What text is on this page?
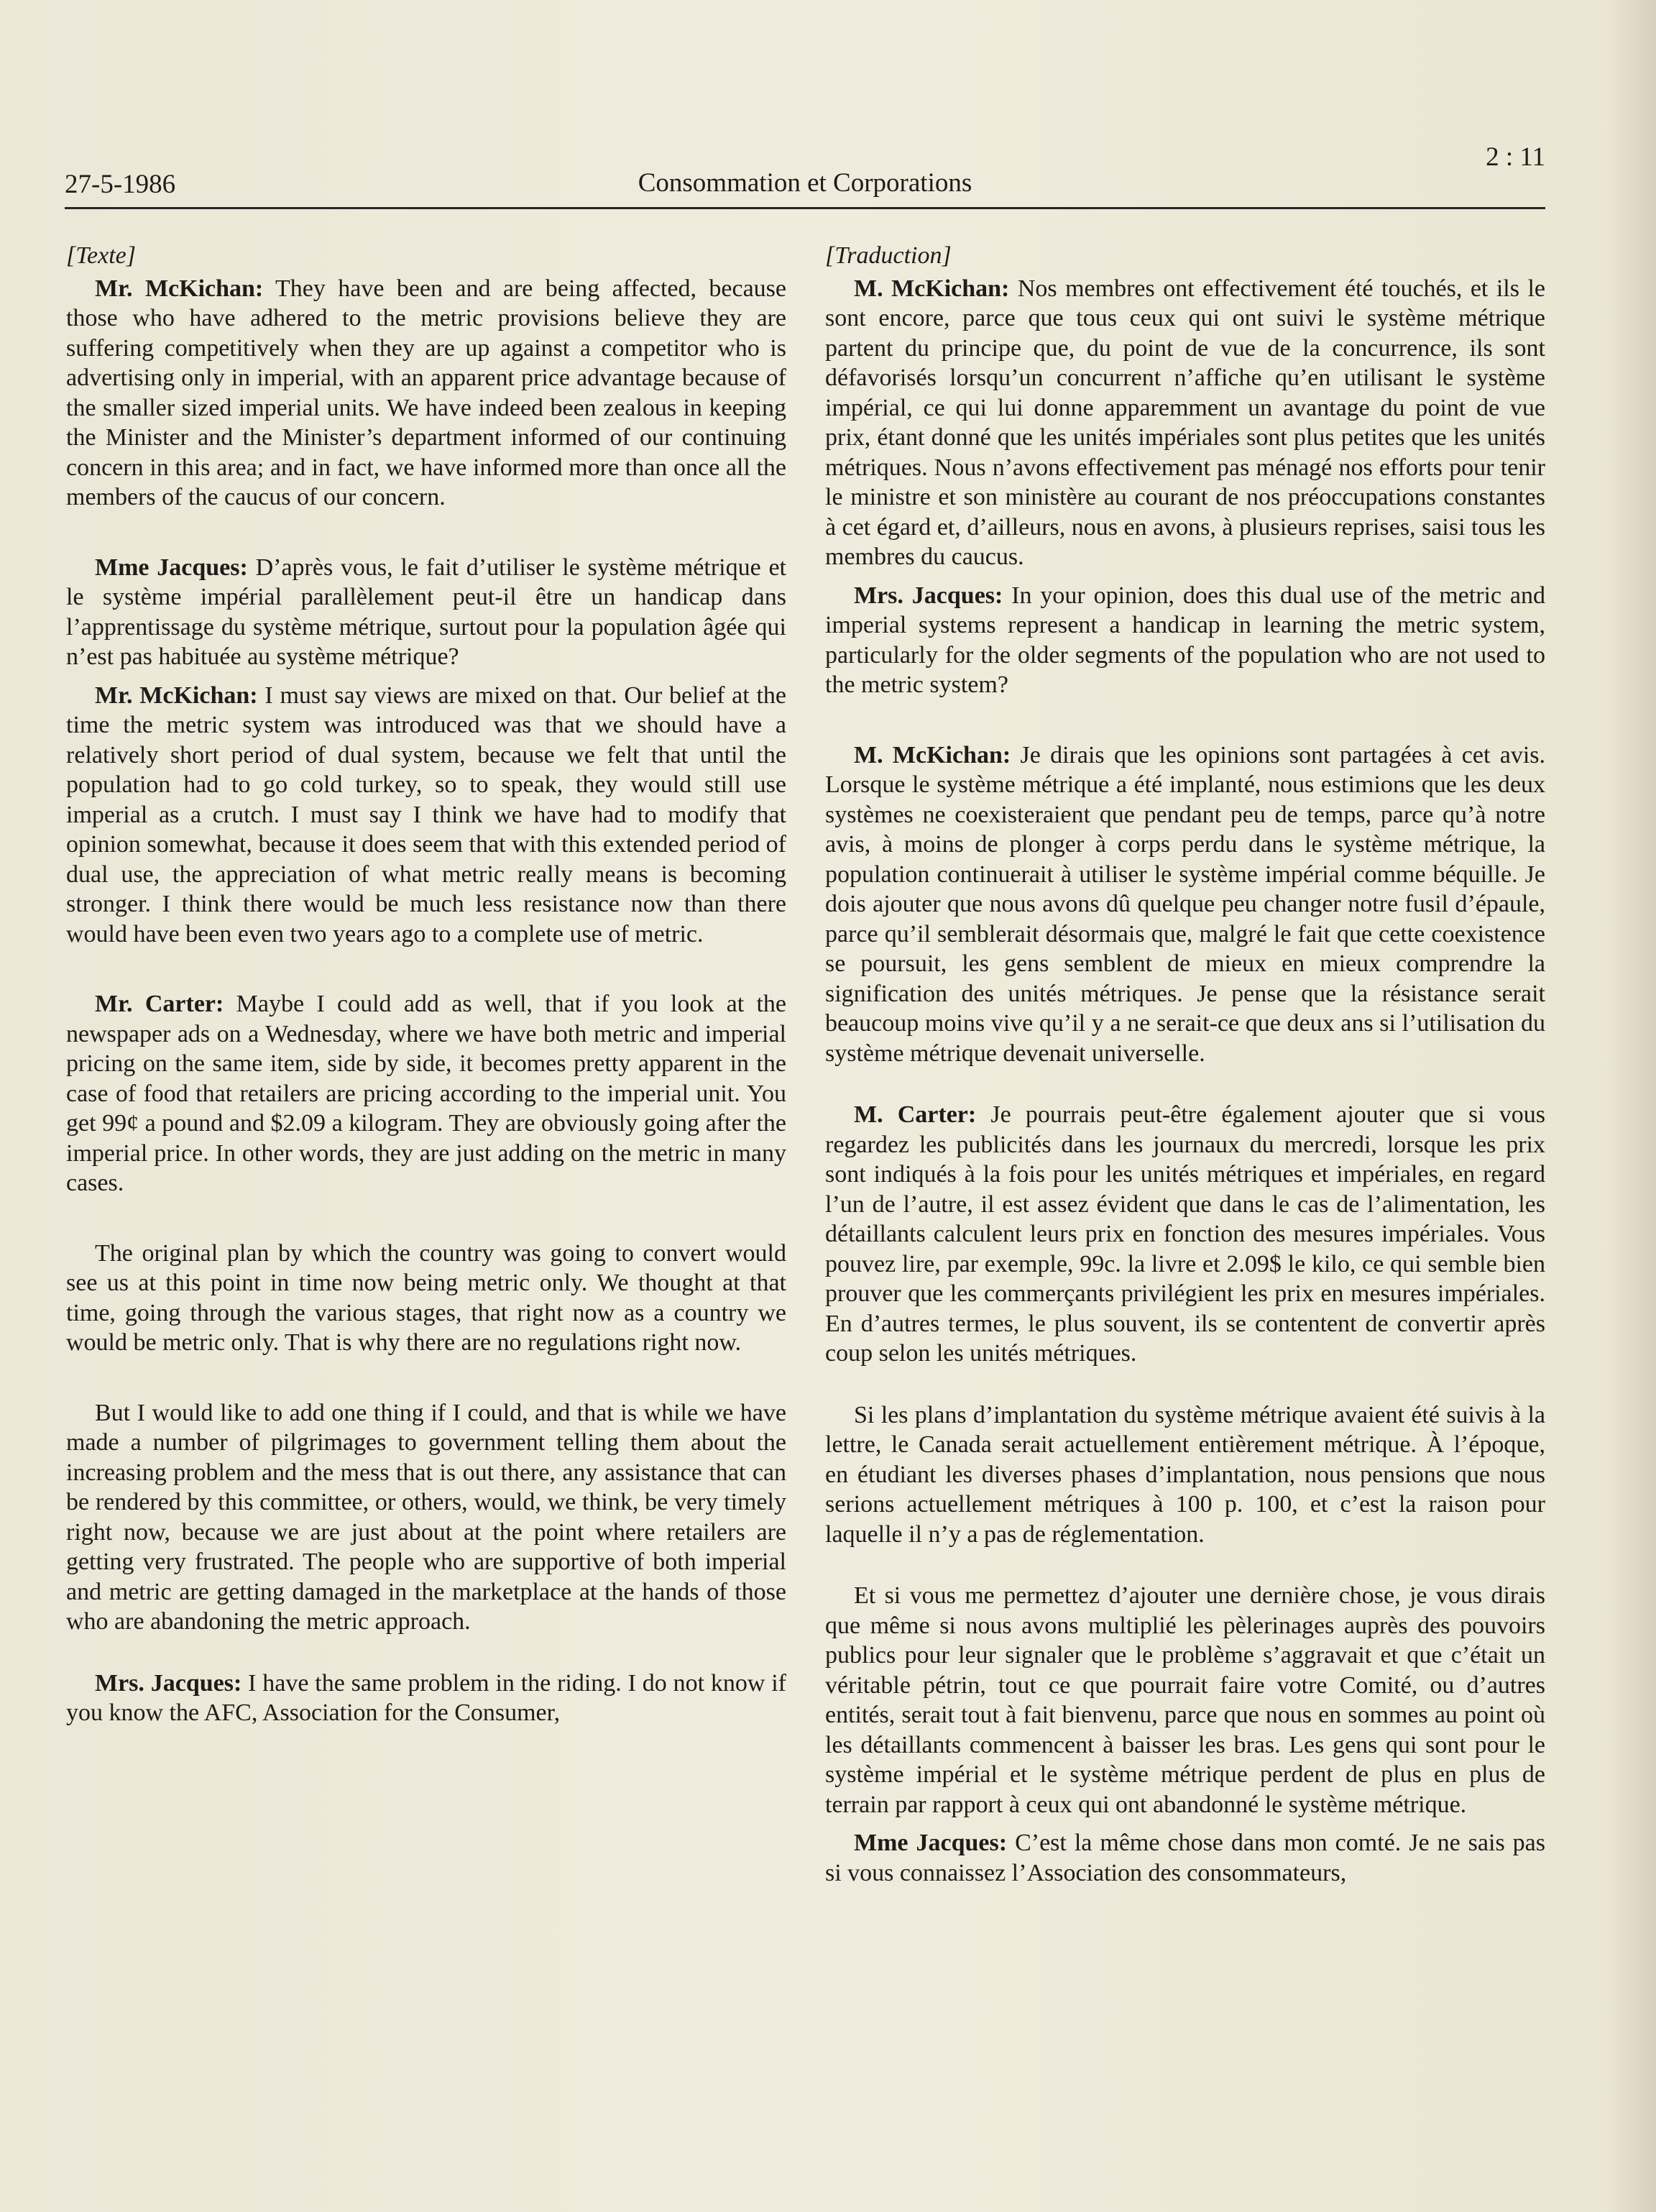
27-5-1986	Consommation et Corporations
2 : 11
[Texte]

Mr. McKichan: They have been and are being affected, because those who have adhered to the metric provisions believe they are suffering competitively when they are up against a competitor who is advertising only in imperial, with an apparent price advantage because of the smaller sized imperial units. We have indeed been zealous in keeping the Minister and the Minister’s department informed of our continuing concern in this area; and in fact, we have informed more than once all the members of the caucus of our concern.

Mme Jacques: D’après vous, le fait d’utiliser le système métrique et le système impérial parallèlement peut-il être un handicap dans l’apprentissage du système métrique, surtout pour la population âgée qui n’est pas habituée au système métrique?

Mr. McKichan: I must say views are mixed on that. Our belief at the time the metric system was introduced was that we should have a relatively short period of dual system, because we felt that until the population had to go cold turkey, so to speak, they would still use imperial as a crutch. I must say I think we have had to modify that opinion somewhat, because it does seem that with this extended period of dual use, the appreciation of what metric really means is becoming stronger. I think there would be much less resistance now than there would have been even two years ago to a complete use of metric.

Mr. Carter: Maybe I could add as well, that if you look at the newspaper ads on a Wednesday, where we have both metric and imperial pricing on the same item, side by side, it becomes pretty apparent in the case of food that retailers are pricing according to the imperial unit. You get 99¢ a pound and $2.09 a kilogram. They are obviously going after the imperial price. In other words, they are just adding on the metric in many cases.

The original plan by which the country was going to convert would see us at this point in time now being metric only. We thought at that time, going through the various stages, that right now as a country we would be metric only. That is why there are no regulations right now.

But I would like to add one thing if I could, and that is while we have made a number of pilgrimages to government telling them about the increasing problem and the mess that is out there, any assistance that can be rendered by this committee, or others, would, we think, be very timely right now, because we are just about at the point where retailers are getting very frustrated. The people who are supportive of both imperial and metric are getting damaged in the marketplace at the hands of those who are abandoning the metric approach.

Mrs. Jacques: I have the same problem in the riding. I do not know if you know the AFC, Association for the Consumer,

[Traduction]

M. McKichan: Nos membres ont effectivement été touchés, et ils le sont encore, parce que tous ceux qui ont suivi le système métrique partent du principe que, du point de vue de la concurrence, ils sont défavorisés lorsqu’un concurrent n’affiche qu’en utilisant le système impérial, ce qui lui donne apparemment un avantage du point de vue prix, étant donné que les unités impériales sont plus petites que les unités métriques. Nous n’avons effectivement pas ménagé nos efforts pour tenir le ministre et son ministère au courant de nos préoccupations constantes à cet égard et, d’ailleurs, nous en avons, à plusieurs reprises, saisi tous les membres du caucus.

Mrs. Jacques: In your opinion, does this dual use of the metric and imperial systems represent a handicap in learning the metric system, particularly for the older segments of the population who are not used to the metric system?

M. McKichan: Je dirais que les opinions sont partagées à cet avis. Lorsque le système métrique a été implanté, nous estimions que les deux systèmes ne coexisteraient que pendant peu de temps, parce qu’à notre avis, à moins de plonger à corps perdu dans le système métrique, la population continuerait à utiliser le système impérial comme béquille. Je dois ajouter que nous avons dû quelque peu changer notre fusil d’épaule, parce qu’il semblerait désormais que, malgré le fait que cette coexistence se poursuit, les gens semblent de mieux en mieux comprendre la signification des unités métriques. Je pense que la résistance serait beaucoup moins vive qu’il y a ne serait-ce que deux ans si l’utilisation du système métrique devenait universelle.

M. Carter: Je pourrais peut-être également ajouter que si vous regardez les publicités dans les journaux du mercredi, lorsque les prix sont indiqués à la fois pour les unités métriques et impériales, en regard l’un de l’autre, il est assez évident que dans le cas de l’alimentation, les détaillants calculent leurs prix en fonction des mesures impériales. Vous pouvez lire, par exemple, 99c. la livre et 2.09$ le kilo, ce qui semble bien prouver que les commerçants privilégient les prix en mesures impériales. En d’autres termes, le plus souvent, ils se contentent de convertir après coup selon les unités métriques.

Si les plans d’implantation du système métrique avaient été suivis à la lettre, le Canada serait actuellement entièrement métrique. À l’époque, en étudiant les diverses phases d’implantation, nous pensions que nous serions actuellement métriques à 100 p. 100, et c’est la raison pour laquelle il n’y a pas de réglementation.

Et si vous me permettez d’ajouter une dernière chose, je vous dirais que même si nous avons multiplié les pèlerinages auprès des pouvoirs publics pour leur signaler que le problème s’aggravait et que c’était un véritable pétrin, tout ce que pourrait faire votre Comité, ou d’autres entités, serait tout à fait bienvenu, parce que nous en sommes au point où les détaillants commencent à baisser les bras. Les gens qui sont pour le système impérial et le système métrique perdent de plus en plus de terrain par rapport à ceux qui ont abandonné le système métrique.

Mme Jacques: C’est la même chose dans mon comté. Je ne sais pas si vous connaissez l’Association des consommateurs,
